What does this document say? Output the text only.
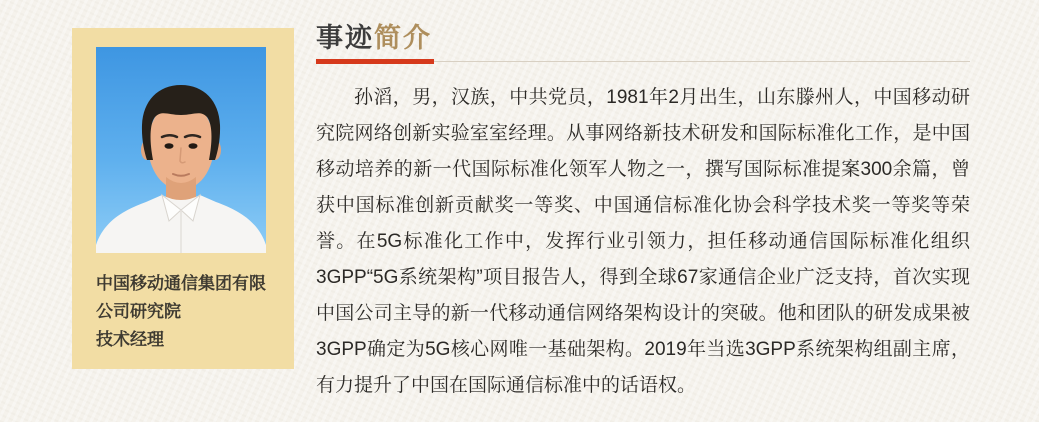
中国移动通信集团有限
公司研究院
技术经理
事迹简介

孙滔，男，汉族，中共党员，1981年2月出生，山东滕州人，中国移动研究院网络创新实验室室经理。从事网络新技术研发和国际标准化工作，是中国移动培养的新一代国际标准化领军人物之一，撰写国际标准提案300余篇，曾获中国标准创新贡献奖一等奖、中国通信标准化协会科学技术奖一等奖等荣誉。在5G标准化工作中，发挥行业引领力，担任移动通信国际标准化组织3GPP“5G系统架构”项目报告人，得到全球67家通信企业广泛支持，首次实现中国公司主导的新一代移动通信网络架构设计的突破。他和团队的研发成果被3GPP确定为5G核心网唯一基础架构。2019年当选3GPP系统架构组副主席，有力提升了中国在国际通信标准中的话语权。
